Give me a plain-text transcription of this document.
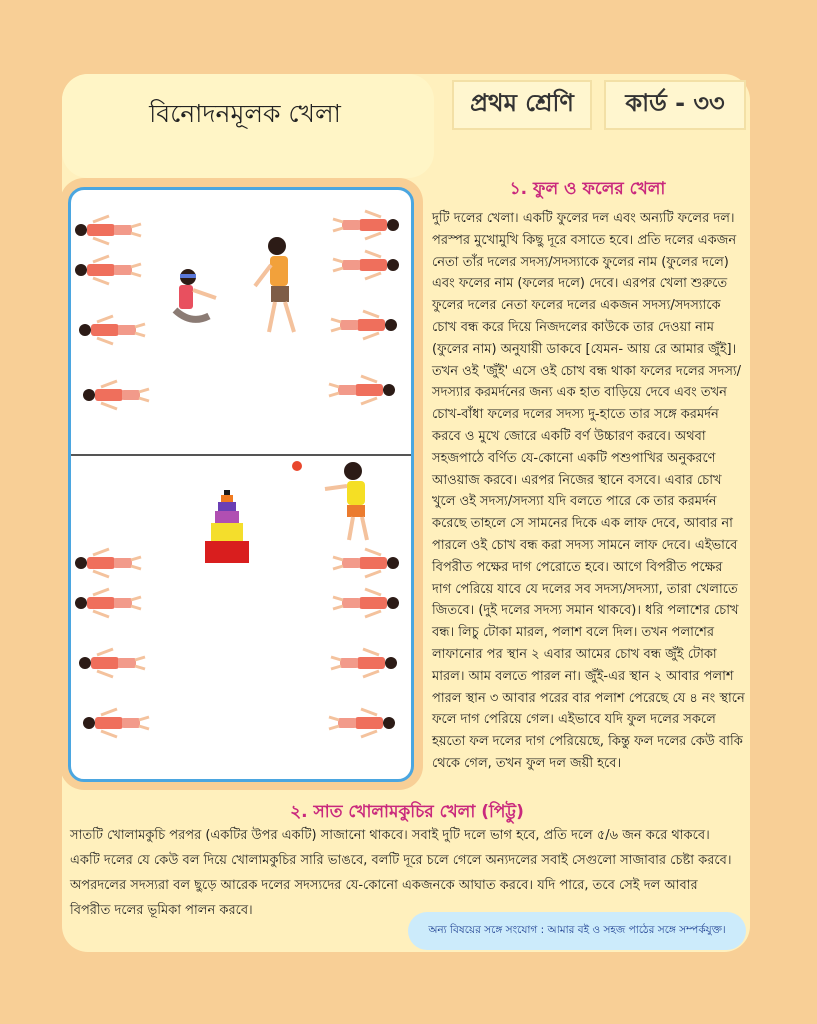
বিনোদনমূলক খেলা	প্রথম শ্রেণি	কার্ড - ৩৩
১. ফুল ও ফলের খেলা
দুটি দলের খেলা। একটি ফুলের দল এবং অন্যটি ফলের দল। পরস্পর মুখোমুখি কিছু দূরে বসাতে হবে। প্রতি দলের একজন নেতা তাঁর দলের সদস্য/সদস্যাকে ফুলের নাম (ফুলের দলে) এবং ফলের নাম (ফলের দলে) দেবে। এরপর খেলা শুরুতে ফুলের দলের নেতা ফলের দলের একজন সদস্য/সদস্যাকে চোখ বন্ধ করে দিয়ে নিজদলের কাউকে তার দেওয়া নাম (ফুলের নাম) অনুযায়ী ডাকবে [যেমন- আয় রে আমার জুঁই]। তখন ওই 'জুঁই' এসে ওই চোখ বন্ধ থাকা ফলের দলের সদস্য/সদস্যার করমর্দনের জন্য এক হাত বাড়িয়ে দেবে এবং তখন চোখ-বাঁধা ফলের দলের সদস্য দু-হাতে তার সঙ্গে করমর্দন করবে ও মুখে জোরে একটি বর্ণ উচ্চারণ করবে। অথবা সহজপাঠে বর্ণিত যে-কোনো একটি পশুপাখির অনুকরণে আওয়াজ করবে। এরপর নিজের স্থানে বসবে। এবার চোখ খুলে ওই সদস্য/সদস্যা যদি বলতে পারে কে তার করমর্দন করেছে তাহলে সে সামনের দিকে এক লাফ দেবে, আবার না পারলে ওই চোখ বন্ধ করা সদস্য সামনে লাফ দেবে। এইভাবে বিপরীত পক্ষের দাগ পেরোতে হবে। আগে বিপরীত পক্ষের দাগ পেরিয়ে যাবে যে দলের সব সদস্য/সদস্যা, তারা খেলাতে জিতবে। (দুই দলের সদস্য সমান থাকবে)। ধরি পলাশের চোখ বন্ধ। লিচু টোকা মারল, পলাশ বলে দিল। তখন পলাশের লাফানোর পর স্থান ২ এবার আমের চোখ বন্ধ জুঁই টোকা মারল। আম বলতে পারল না। জুঁই-এর স্থান ২ আবার পলাশ পারল স্থান ৩ আবার পরের বার পলাশ পেরেছে যে ৪ নং স্থানে ফলে দাগ পেরিয়ে গেল। এইভাবে যদি ফুল দলের সকলে হয়তো ফল দলের দাগ পেরিয়েছে, কিন্তু ফল দলের কেউ বাকি থেকে গেল, তখন ফুল দল জয়ী হবে।
২. সাত খোলামকুচির খেলা (পিট্টু)
সাতটি খোলামকুচি পরপর (একটির উপর একটি) সাজানো থাকবে। সবাই দুটি দলে ভাগ হবে, প্রতি দলে ৫/৬ জন করে থাকবে।
একটি দলের যে কেউ বল দিয়ে খোলামকুচির সারি ভাঙবে, বলটি দূরে চলে গেলে অন্যদলের সবাই সেগুলো সাজাবার চেষ্টা করবে।
অপরদলের সদস্যরা বল ছুড়ে আরেক দলের সদস্যদের যে-কোনো একজনকে আঘাত করবে। যদি পারে, তবে সেই দল আবার
বিপরীত দলের ভূমিকা পালন করবে।
অন্য বিষয়ের সঙ্গে সংযোগ : আমার বই ও সহজ পাঠের সঙ্গে সম্পর্কযুক্ত।
